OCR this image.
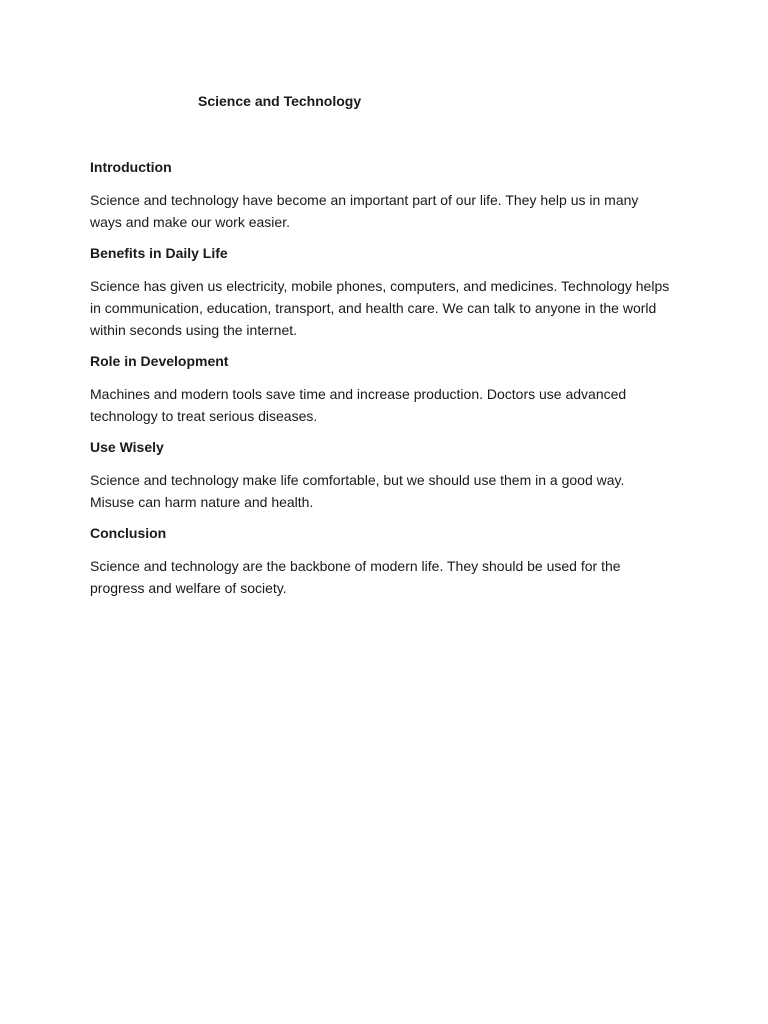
Science and Technology
Introduction

Science and technology have become an important part of our life. They help us in many ways and make our work easier.

Benefits in Daily Life

Science has given us electricity, mobile phones, computers, and medicines. Technology helps in communication, education, transport, and health care. We can talk to anyone in the world within seconds using the internet.

Role in Development

Machines and modern tools save time and increase production. Doctors use advanced technology to treat serious diseases.

Use Wisely

Science and technology make life comfortable, but we should use them in a good way. Misuse can harm nature and health.

Conclusion

Science and technology are the backbone of modern life. They should be used for the progress and welfare of society.
